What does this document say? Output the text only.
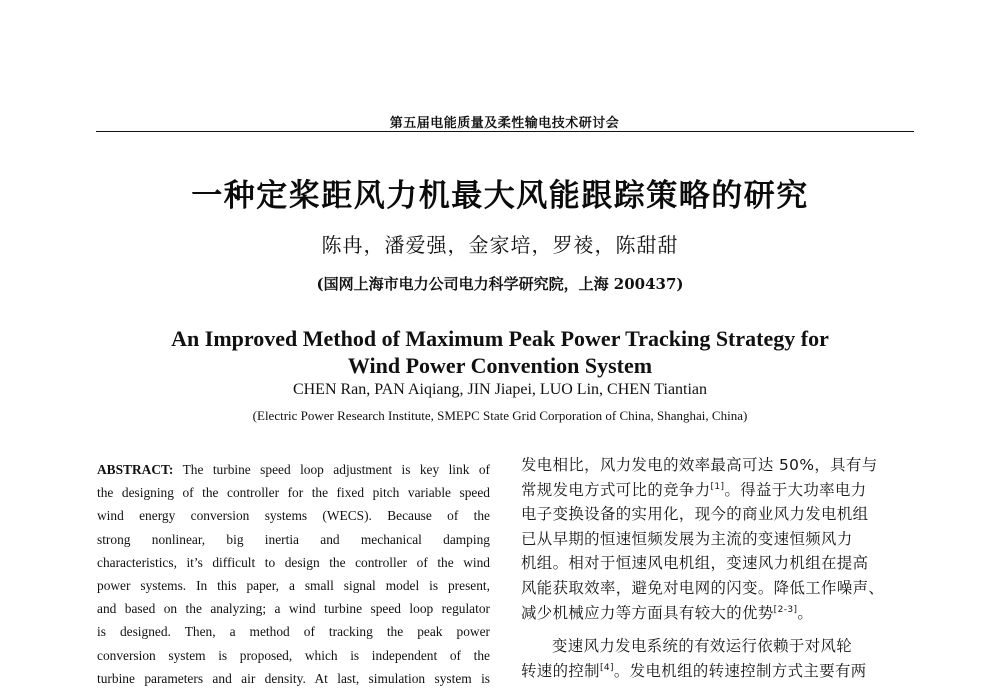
第五届电能质量及柔性输电技术研讨会
一种定桨距风力机最大风能跟踪策略的研究
陈冉，潘爱强，金家培，罗祾，陈甜甜
(国网上海市电力公司电力科学研究院，上海 200437)
An Improved Method of Maximum Peak Power Tracking Strategy for
Wind Power Convention System
CHEN Ran, PAN Aiqiang, JIN Jiapei, LUO Lin, CHEN Tiantian
(Electric Power Research Institute, SMEPC State Grid Corporation of China, Shanghai, China)
ABSTRACT: The turbine speed loop adjustment is key link of
the designing of the controller for the fixed pitch variable speed
wind energy conversion systems (WECS). Because of the
strong nonlinear, big inertia and mechanical damping
characteristics, it’s difficult to design the controller of the wind
power systems. In this paper, a small signal model is present,
and based on the analyzing; a wind turbine speed loop regulator
is designed. Then, a method of tracking the peak power
conversion system is proposed, which is independent of the
turbine parameters and air density. At last, simulation system is
发电相比，风力发电的效率最高可达 50%，具有与
常规发电方式可比的竞争力[1]。得益于大功率电力
电子变换设备的实用化，现今的商业风力发电机组
已从早期的恒速恒频发展为主流的变速恒频风力
机组。相对于恒速风电机组，变速风力机组在提高
风能获取效率，避免对电网的闪变。降低工作噪声、
减少机械应力等方面具有较大的优势[2-3]。
变速风力发电系统的有效运行依赖于对风轮
转速的控制[4]。发电机组的转速控制方式主要有两
